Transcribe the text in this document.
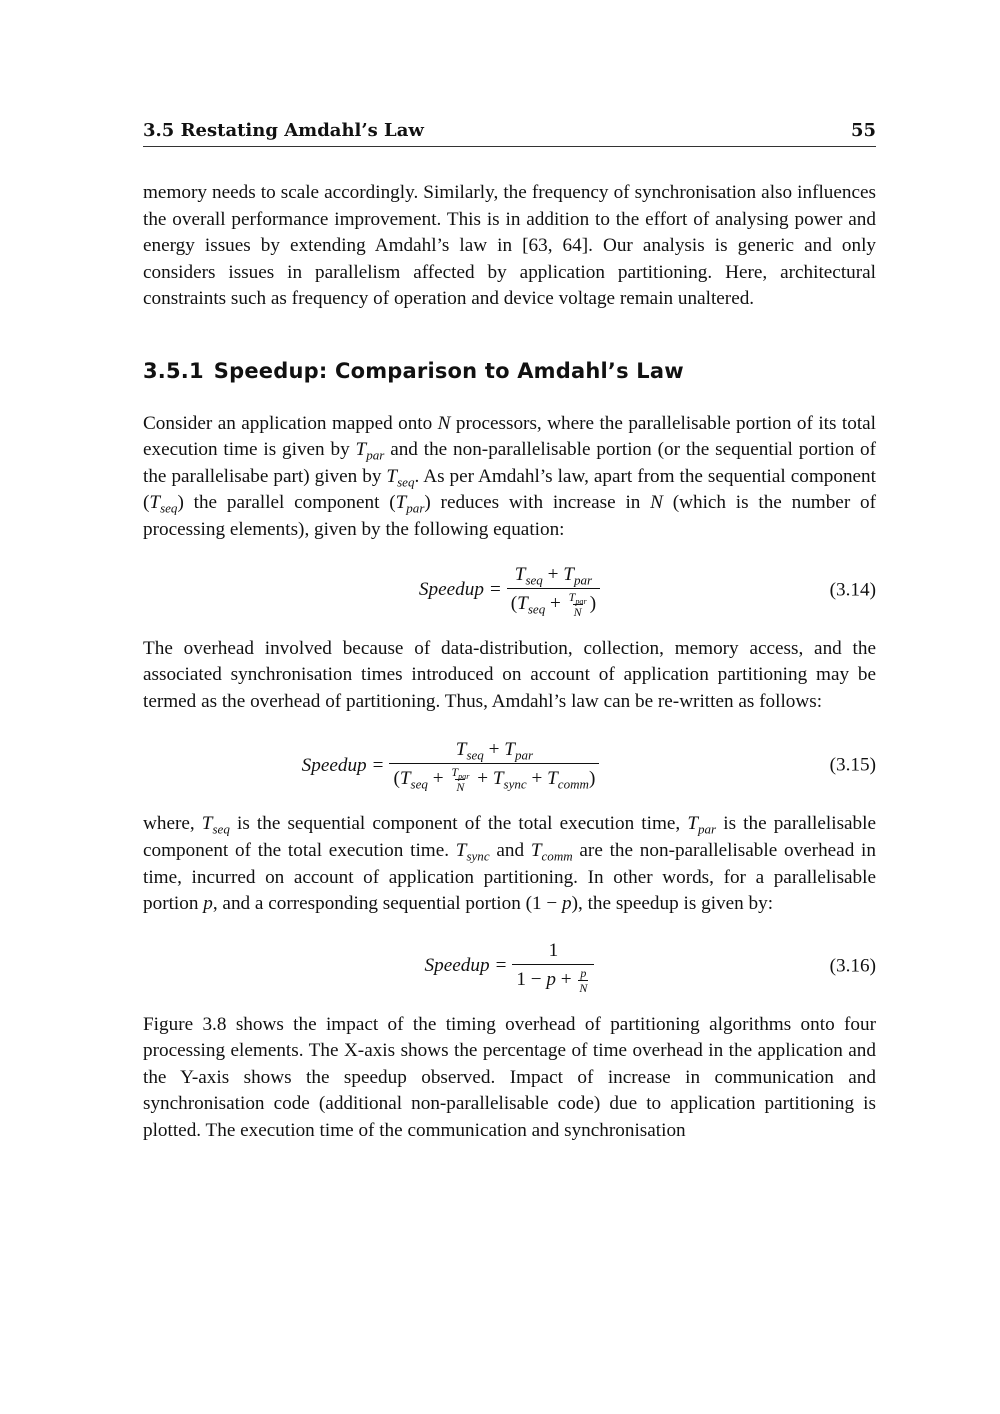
3.5 Restating Amdahl’s Law	55

memory needs to scale accordingly. Similarly, the frequency of synchronisation also influences the overall performance improvement. This is in addition to the effort of analysing power and energy issues by extending Amdahl’s law in [63, 64]. Our analysis is generic and only considers issues in parallelism affected by application partitioning. Here, architectural constraints such as frequency of operation and device voltage remain unaltered.

3.5.1 Speedup: Comparison to Amdahl’s Law

Consider an application mapped onto N processors, where the parallelisable portion of its total execution time is given by $T_{par}$ and the non-parallelisable portion (or the sequential portion of the parallelisabe part) given by $T_{seq}$. As per Amdahl’s law, apart from the sequential component $(T_{seq})$ the parallel component $(T_{par})$ reduces with increase in N (which is the number of processing elements), given by the following equation:

Speedup = $T_{seq} + T_{par}$
($T_{seq} + T_{par}$
N )	(3.14)

The overhead involved because of data-distribution, collection, memory access, and the associated synchronisation times introduced on account of application partitioning may be termed as the overhead of partitioning. Thus, Amdahl’s law can be re-written as follows:

Speedup = $T_{seq} + T_{par}$
($T_{seq} + T_{par}$
$N + T_{sync} + T_{comm}$)	(3.15)

where, $T_{seq}$ is the sequential component of the total execution time, $T_{par}$ is the parallelisable component of the total execution time. $T_{sync}$ and $T_{comm}$ are the non-parallelisable overhead in time, incurred on account of application partitioning. In other words, for a parallelisable portion p, and a corresponding sequential portion (1 − p), the speedup is given by:

Speedup = $\frac{1}{1 - p + \frac{p}{N}}$	(3.16)

Figure 3.8 shows the impact of the timing overhead of partitioning algorithms onto four processing elements. The X-axis shows the percentage of time overhead in the application and the Y-axis shows the speedup observed. Impact of increase in communication and synchronisation code (additional non-parallelisable code) due to application partitioning is plotted. The execution time of the communication and synchronisation
